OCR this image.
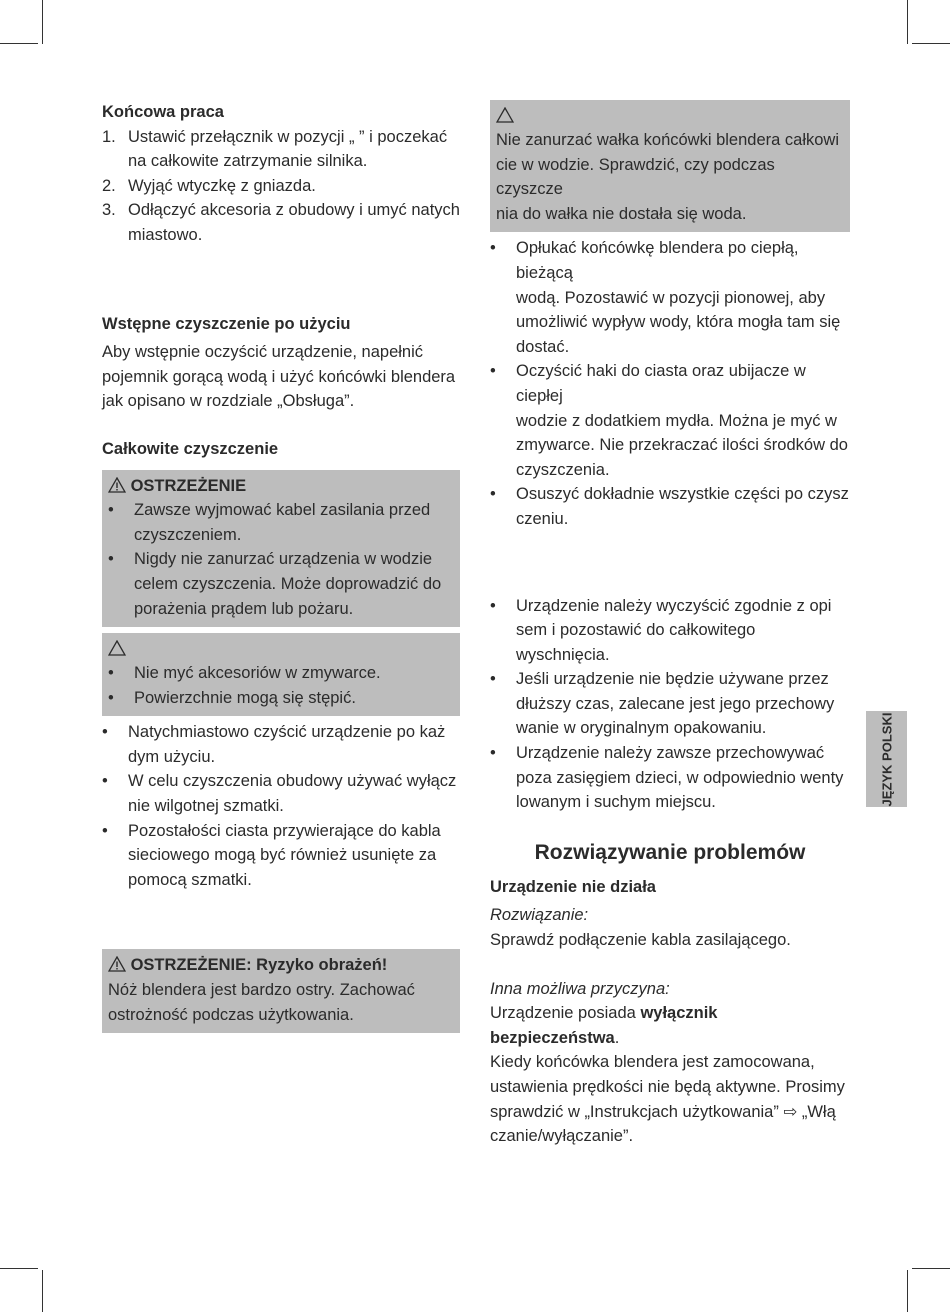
Końcowa praca
1. Ustawić przełącznik w pozycji „ ” i poczekać
na całkowite zatrzymanie silnika.
2. Wyjąć wtyczkę z gniazda.
3. Odłączyć akcesoria z obudowy i umyć natych
miastowo.
Wstępne czyszczenie po użyciu

Aby wstępnie oczyścić urządzenie, napełnić
pojemnik gorącą wodą i użyć końcówki blendera
jak opisano w rozdziale „Obsługa”.

Całkowite czyszczenie
OSTRZEŻENIE
• Zawsze wyjmować kabel zasilania przed
czyszczeniem.
• Nigdy nie zanurzać urządzenia w wodzie
celem czyszczenia. Może doprowadzić do
porażenia prądem lub pożaru.
• Nie myć akcesoriów w zmywarce.
• Powierzchnie mogą się stępić.
• Natychmiastowo czyścić urządzenie po każ
dym użyciu.
• W celu czyszczenia obudowy używać wyłącz
nie wilgotnej szmatki.
• Pozostałości ciasta przywierające do kabla
sieciowego mogą być również usunięte za
pomocą szmatki.
OSTRZEŻENIE: Ryzyko obrażeń!
Nóż blendera jest bardzo ostry. Zachować
ostrożność podczas użytkowania.
Nie zanurzać wałka końcówki blendera całkowi
cie w wodzie. Sprawdzić, czy podczas czyszcze
nia do wałka nie dostała się woda.
• Opłukać końcówkę blendera po ciepłą, bieżącą
wodą. Pozostawić w pozycji pionowej, aby
umożliwić wypływ wody, która mogła tam się
dostać.
• Oczyścić haki do ciasta oraz ubijacze w ciepłej
wodzie z dodatkiem mydła. Można je myć w
zmywarce. Nie przekraczać ilości środków do
czyszczenia.
• Osuszyć dokładnie wszystkie części po czysz
czeniu.
• Urządzenie należy wyczyścić zgodnie z opi
sem i pozostawić do całkowitego wyschnięcia.
• Jeśli urządzenie nie będzie używane przez
dłuższy czas, zalecane jest jego przechowy
wanie w oryginalnym opakowaniu.
• Urządzenie należy zawsze przechowywać
poza zasięgiem dzieci, w odpowiednio wenty
lowanym i suchym miejscu.
Rozwiązywanie problemów
Urządzenie nie działa

Rozwiązanie:

Sprawdź podłączenie kabla zasilającego.

Inna możliwa przyczyna:

Urządzenie posiada wyłącznik bezpieczeństwa.
Kiedy końcówka blendera jest zamocowana,
ustawienia prędkości nie będą aktywne. Prosimy
sprawdzić w „Instrukcjach użytkowania” ⇨ „Włą
czanie/wyłączanie”.

JĘZYK POLSKI
